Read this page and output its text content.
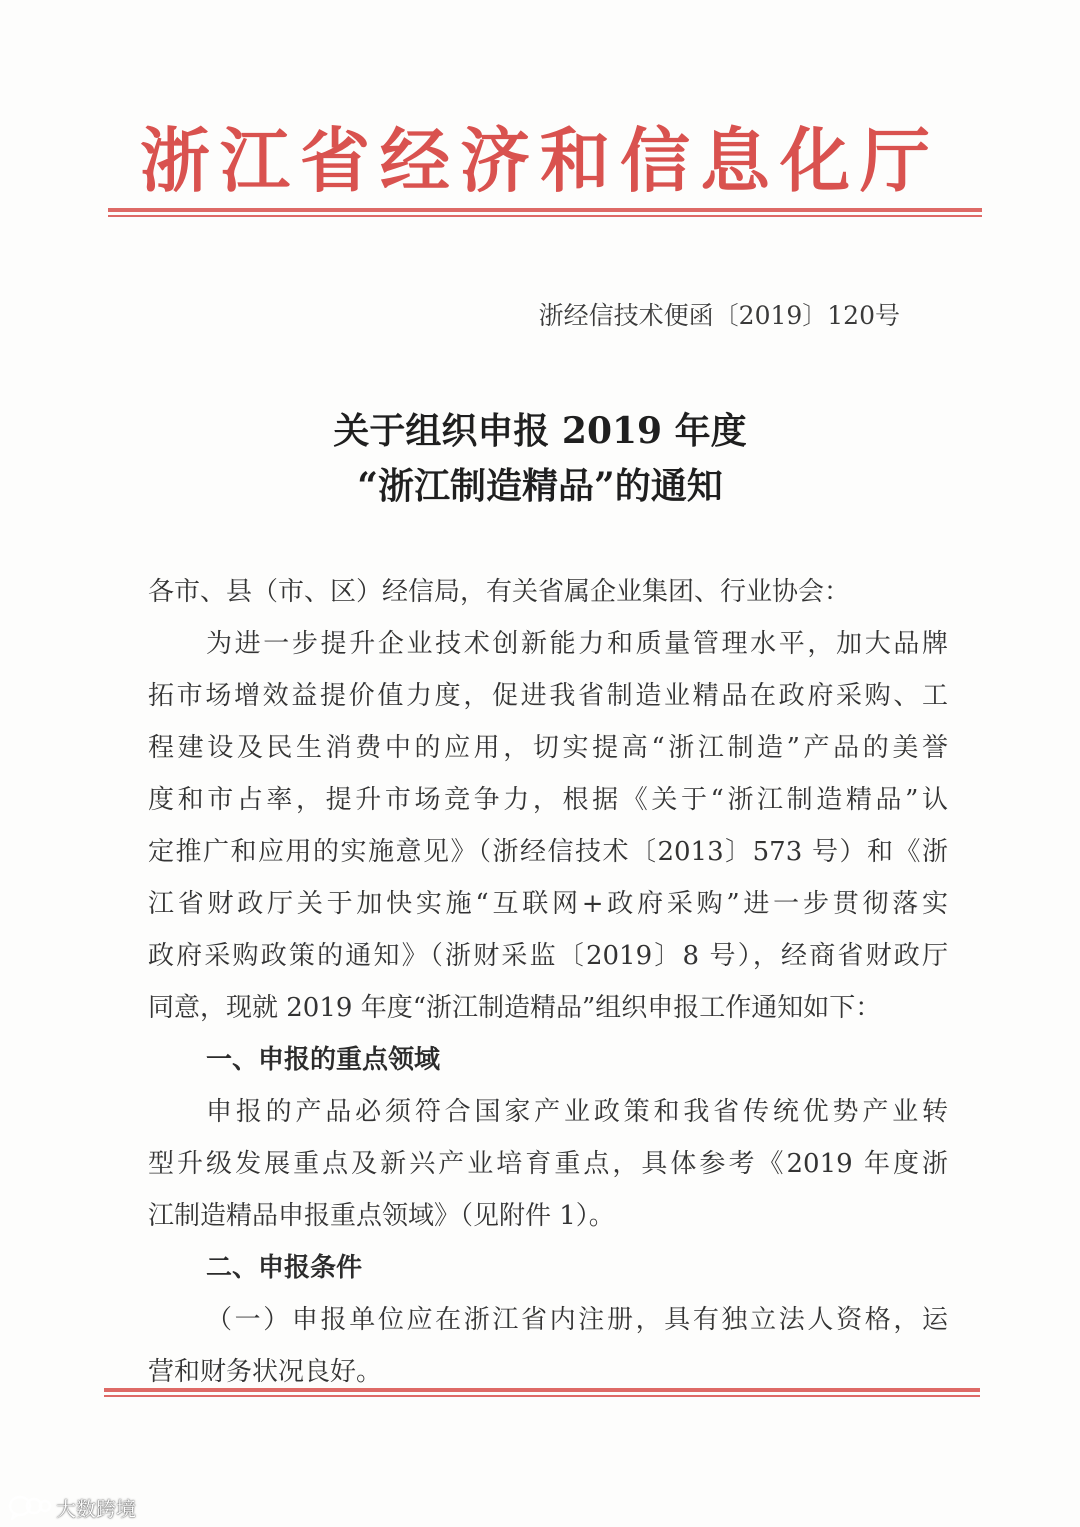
浙江省经济和信息化厅
浙经信技术便函〔2019〕120号
关于组织申报 2019 年度
“浙江制造精品”的通知
各市、县（市、区）经信局，有关省属企业集团、行业协会：
为进一步提升企业技术创新能力和质量管理水平，加大品牌
拓市场增效益提价值力度，促进我省制造业精品在政府采购、工
程建设及民生消费中的应用，切实提高“浙江制造”产品的美誉
度和市占率，提升市场竞争力，根据《关于“浙江制造精品”认
定推广和应用的实施意见》（浙经信技术〔2013〕573 号）和《浙
江省财政厅关于加快实施“互联网+政府采购”进一步贯彻落实
政府采购政策的通知》（浙财采监〔2019〕8 号），经商省财政厅
同意，现就 2019 年度“浙江制造精品”组织申报工作通知如下：
一、申报的重点领域
申报的产品必须符合国家产业政策和我省传统优势产业转
型升级发展重点及新兴产业培育重点，具体参考《2019 年度浙
江制造精品申报重点领域》（见附件 1）。
二、申报条件
（一）申报单位应在浙江省内注册，具有独立法人资格，运
营和财务状况良好。
大数跨境
